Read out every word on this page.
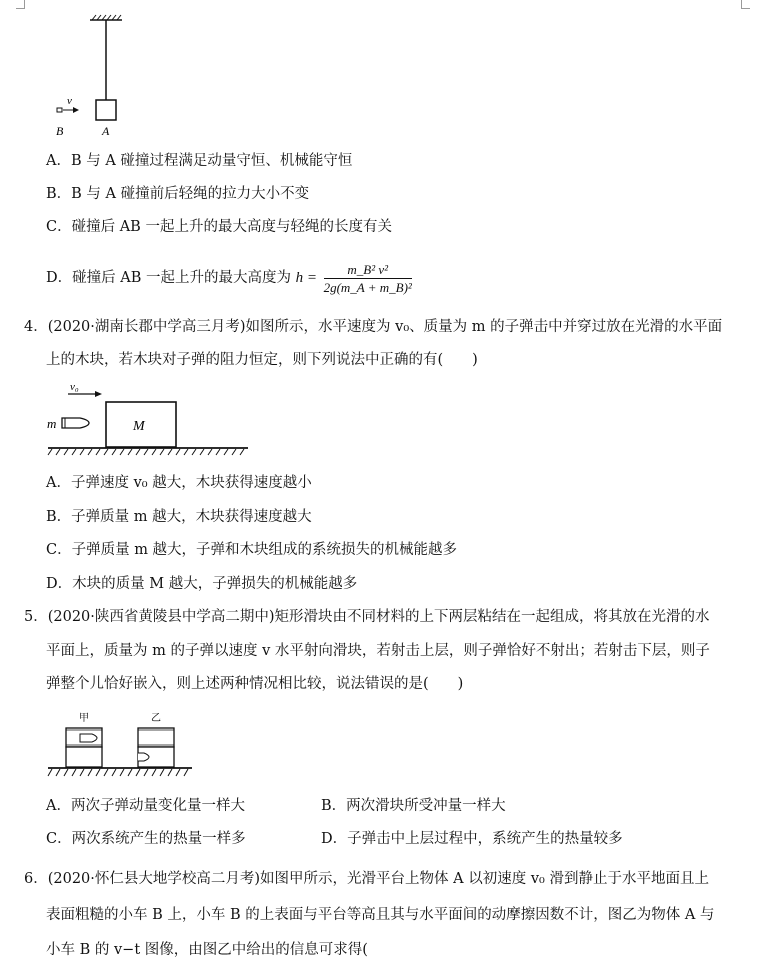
v
B	A
A．B 与 A 碰撞过程满足动量守恒、机械能守恒
B．B 与 A 碰撞前后轻绳的拉力大小不变
C．碰撞后 AB 一起上升的最大高度与轻绳的长度有关
D．碰撞后 AB 一起上升的最大高度为 $h = \frac{\text{m\_B² v²}}{\text{2g(m\_A + m\_B)²}}$
4．(2020·湖南长郡中学高三月考)如图所示，水平速度为 v₀、质量为 m 的子弹击中并穿过放在光滑的水平面
上的木块，若木块对子弹的阻力恒定，则下列说法中正确的有(　　)
v₀
m	M
A．子弹速度 v₀ 越大，木块获得速度越小
B．子弹质量 m 越大，木块获得速度越大
C．子弹质量 m 越大，子弹和木块组成的系统损失的机械能越多
D．木块的质量 M 越大，子弹损失的机械能越多
5．(2020·陕西省黄陵县中学高二期中)矩形滑块由不同材料的上下两层粘结在一起组成，将其放在光滑的水
平面上，质量为 m 的子弹以速度 v 水平射向滑块，若射击上层，则子弹恰好不射出；若射击下层，则子
弹整个儿恰好嵌入，则上述两种情况相比较，说法错误的是(　　)
甲	乙
A．两次子弹动量变化量一样大	B．两次滑块所受冲量一样大
C．两次系统产生的热量一样多	D．子弹击中上层过程中，系统产生的热量较多
6．(2020·怀仁县大地学校高二月考)如图甲所示，光滑平台上物体 A 以初速度 v₀ 滑到静止于水平地面且上
表面粗糙的小车 B 上，小车 B 的上表面与平台等高且其与水平面间的动摩擦因数不计，图乙为物体 A 与
小车 B 的 v−t 图像，由图乙中给出的信息可求得(
